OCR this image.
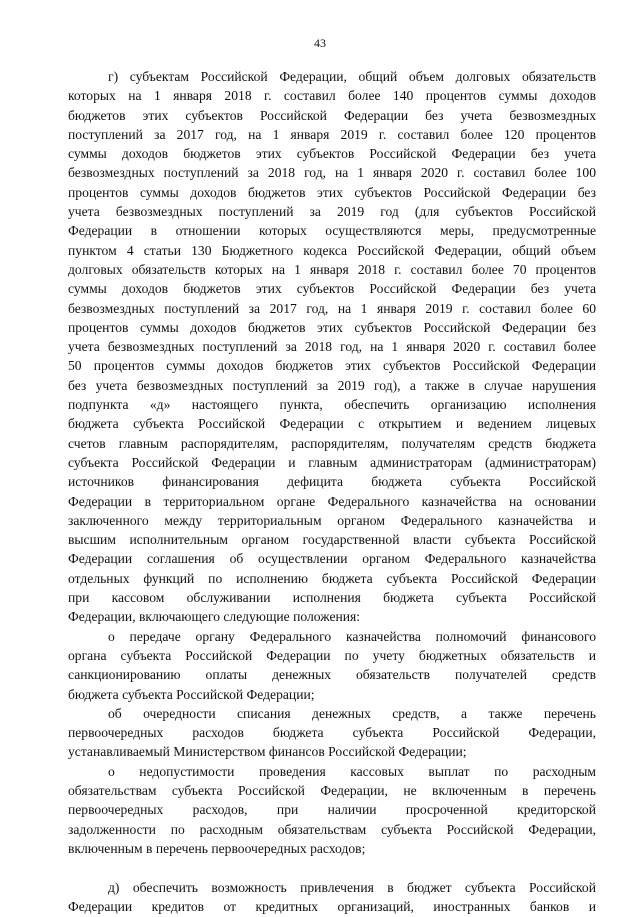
43
г) субъектам Российской Федерации, общий объем долговых обязательств
которых на 1 января 2018 г. составил более 140 процентов суммы доходов
бюджетов этих субъектов Российской Федерации без учета безвозмездных
поступлений за 2017 год, на 1 января 2019 г. составил более 120 процентов
суммы доходов бюджетов этих субъектов Российской Федерации без учета
безвозмездных поступлений за 2018 год, на 1 января 2020 г. составил более 100
процентов суммы доходов бюджетов этих субъектов Российской Федерации без
учета безвозмездных поступлений за 2019 год (для субъектов Российской
Федерации в отношении которых осуществляются меры, предусмотренные
пунктом 4 статьи 130 Бюджетного кодекса Российской Федерации, общий объем
долговых обязательств которых на 1 января 2018 г. составил более 70 процентов
суммы доходов бюджетов этих субъектов Российской Федерации без учета
безвозмездных поступлений за 2017 год, на 1 января 2019 г. составил более 60
процентов суммы доходов бюджетов этих субъектов Российской Федерации без
учета безвозмездных поступлений за 2018 год, на 1 января 2020 г. составил более
50 процентов суммы доходов бюджетов этих субъектов Российской Федерации
без учета безвозмездных поступлений за 2019 год), а также в случае нарушения
подпункта «д» настоящего пункта, обеспечить организацию исполнения
бюджета субъекта Российской Федерации с открытием и ведением лицевых
счетов главным распорядителям, распорядителям, получателям средств бюджета
субъекта Российской Федерации и главным администраторам (администраторам)
источников финансирования дефицита бюджета субъекта Российской
Федерации в территориальном органе Федерального казначейства на основании
заключенного между территориальным органом Федерального казначейства и
высшим исполнительным органом государственной власти субъекта Российской
Федерации соглашения об осуществлении органом Федерального казначейства
отдельных функций по исполнению бюджета субъекта Российской Федерации
при кассовом обслуживании исполнения бюджета субъекта Российской
Федерации, включающего следующие положения:
о передаче органу Федерального казначейства полномочий финансового
органа субъекта Российской Федерации по учету бюджетных обязательств и
санкционированию оплаты денежных обязательств получателей средств
бюджета субъекта Российской Федерации;
об очередности списания денежных средств, а также перечень
первоочередных расходов бюджета субъекта Российской Федерации,
устанавливаемый Министерством финансов Российской Федерации;
о недопустимости проведения кассовых выплат по расходным
обязательствам субъекта Российской Федерации, не включенным в перечень
первоочередных расходов, при наличии просроченной кредиторской
задолженности по расходным обязательствам субъекта Российской Федерации,
включенным в перечень первоочередных расходов;
д) обеспечить возможность привлечения в бюджет субъекта Российской
Федерации кредитов от кредитных организаций, иностранных банков и
